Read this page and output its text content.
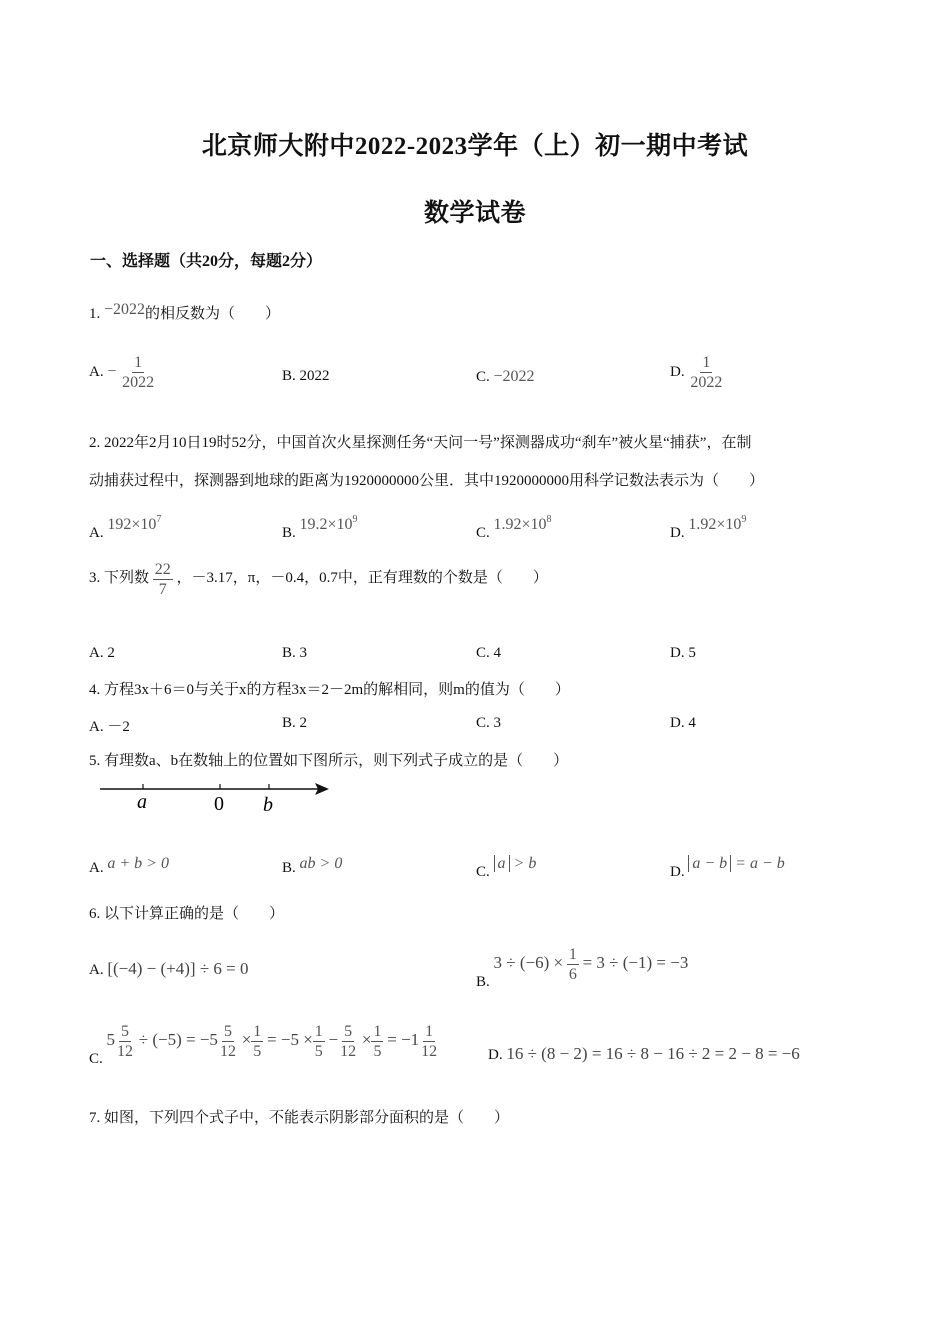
北京师大附中2022-2023学年（上）初一期中考试
数学试卷
一、选择题（共20分，每题2分）
1. −2022的相反数为（　　）
A. − $\frac{1}{2022}$	B. 2022	C. −2022	D. $\frac{1}{2022}$
2. 2022年2月10日19时52分，中国首次火星探测任务“天问一号”探测器成功“刹车”被火星“捕获”，在制
动捕获过程中，探测器到地球的距离为1920000000公里．其中1920000000用科学记数法表示为（　　）
A. $192\times 10^7$
B. $19.2\times 10^9$
C. $1.92\times 10^8$
D. $1.92\times 10^9$
3. 下列数 $\frac{22}{7}$ ，－3.17，π，－0.4，0.7中，正有理数的个数是（　　）
A. 2	B. 3	C. 4	D. 5
4. 方程3x＋6＝0与关于x的方程3x＝2－2m的解相同，则m的值为（　　）
A. －2	B. 2	C. 3	D. 4
5. 有理数a、b在数轴上的位置如下图所示，则下列式子成立的是（　　）
a	0 b
A. a + b > 0	B. ab > 0	C. a > b	D. a − b = a − b
6. 以下计算正确的是（　　）
A. [(−4) − (+4)] ÷ 6 = 0
B. $3 \div (-6) \times \frac{1}{6} = 3 \div (-1) = -3$
C. $5 \frac{5}{12} \div (-5) = -5 \frac{5}{12} \times \frac{1}{5} = -5 \times \frac{1}{5} - \frac{5}{12} \times \frac{1}{5} = -1 \frac{1}{12}$	D. 16 ÷ (8 − 2) = 16 ÷ 8 − 16 ÷ 2 = 2 − 8 = −6
7. 如图，下列四个式子中，不能表示阴影部分面积的是（　　）
